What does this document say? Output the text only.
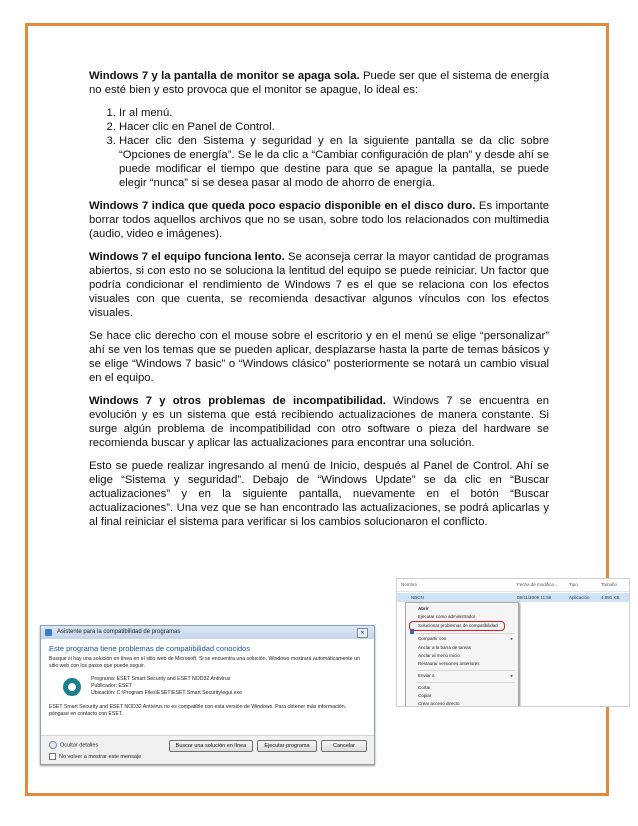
Windows 7 y la pantalla de monitor se apaga sola. Puede ser que el sistema de energía no esté bien y esto provoca que el monitor se apague, lo ideal es:

1. Ir al menú.
2. Hacer clic en Panel de Control.
3. Hacer clic den Sistema y seguridad y en la siguiente pantalla se da clic sobre “Opciones de energía”. Se le da clic a “Cambiar configuración de plan” y desde ahí se puede modificar el tiempo que destine para que se apague la pantalla, se puede elegir “nunca” si se desea pasar al modo de ahorro de energía.

Windows 7 indica que queda poco espacio disponible en el disco duro. Es importante borrar todos aquellos archivos que no se usan, sobre todo los relacionados con multimedia (audio, video e imágenes).

Windows 7 el equipo funciona lento. Se aconseja cerrar la mayor cantidad de programas abiertos, si con esto no se soluciona la lentitud del equipo se puede reiniciar. Un factor que podría condicionar el rendimiento de Windows 7 es el que se relaciona con los efectos visuales con que cuenta, se recomienda desactivar algunos vínculos con los efectos visuales.

Se hace clic derecho con el mouse sobre el escritorio y en el menú se elige “personalizar” ahí se ven los temas que se pueden aplicar, desplazarse hasta la parte de temas básicos y se elige “Windows 7 basic” o “Windows clásico” posteriormente se notará un cambio visual en el equipo.

Windows 7 y otros problemas de incompatibilidad. Windows 7 se encuentra en evolución y es un sistema que está recibiendo actualizaciones de manera constante. Si surge algún problema de incompatibilidad con otro software o pieza del hardware se recomienda buscar y aplicar las actualizaciones para encontrar una solución.

Esto se puede realizar ingresando al menú de Inicio, después al Panel de Control. Ahí se elige “Sistema y seguridad”. Debajo de “Windows Update” se da clic en “Buscar actualizaciones” y en la siguiente pantalla, nuevamente en el botón “Buscar actualizaciones”. Una vez que se han encontrado las actualizaciones, se podrá aplicarlas y al final reiniciar el sistema para verificar si los cambios solucionaron el conflicto.

Asistente para la compatibilidad de programas	✕
Este programa tiene problemas de compatibilidad conocidos
Busque si hay una solución en línea en el sitio web de Microsoft. Si se encuentra una solución, Windows mostrará automáticamente un sitio web con los pasos que puede seguir.
Programa: ESET Smart Security and ESET NOD32 Antivirus
Publicador: ESET
Ubicación: C:\Program Files\ESET\ESET Smart Security\egui.exe
ESET Smart Security and ESET NOD32 Antivirus no es compatible con esta versión de Windows. Para obtener más información, póngase en contacto con ESET.
Ocultar detalles
No volver a mostrar este mensaje
Buscar una solución en línea	Ejecutar programa	Cancelar
Nombre	Fecha de modifica...	Tipo	Tamaño
NBCN	05/11/2009 11:56	Aplicación	4.891 KB
Abrir
Ejecutar como administrador
Solucionar problemas de compatibilidad
Compartir con	▸
Anclar a la barra de tareas
Anclar al menú Inicio
Restaurar versiones anteriores
Enviar a	▸
Cortar
Copiar
Crear acceso directo
